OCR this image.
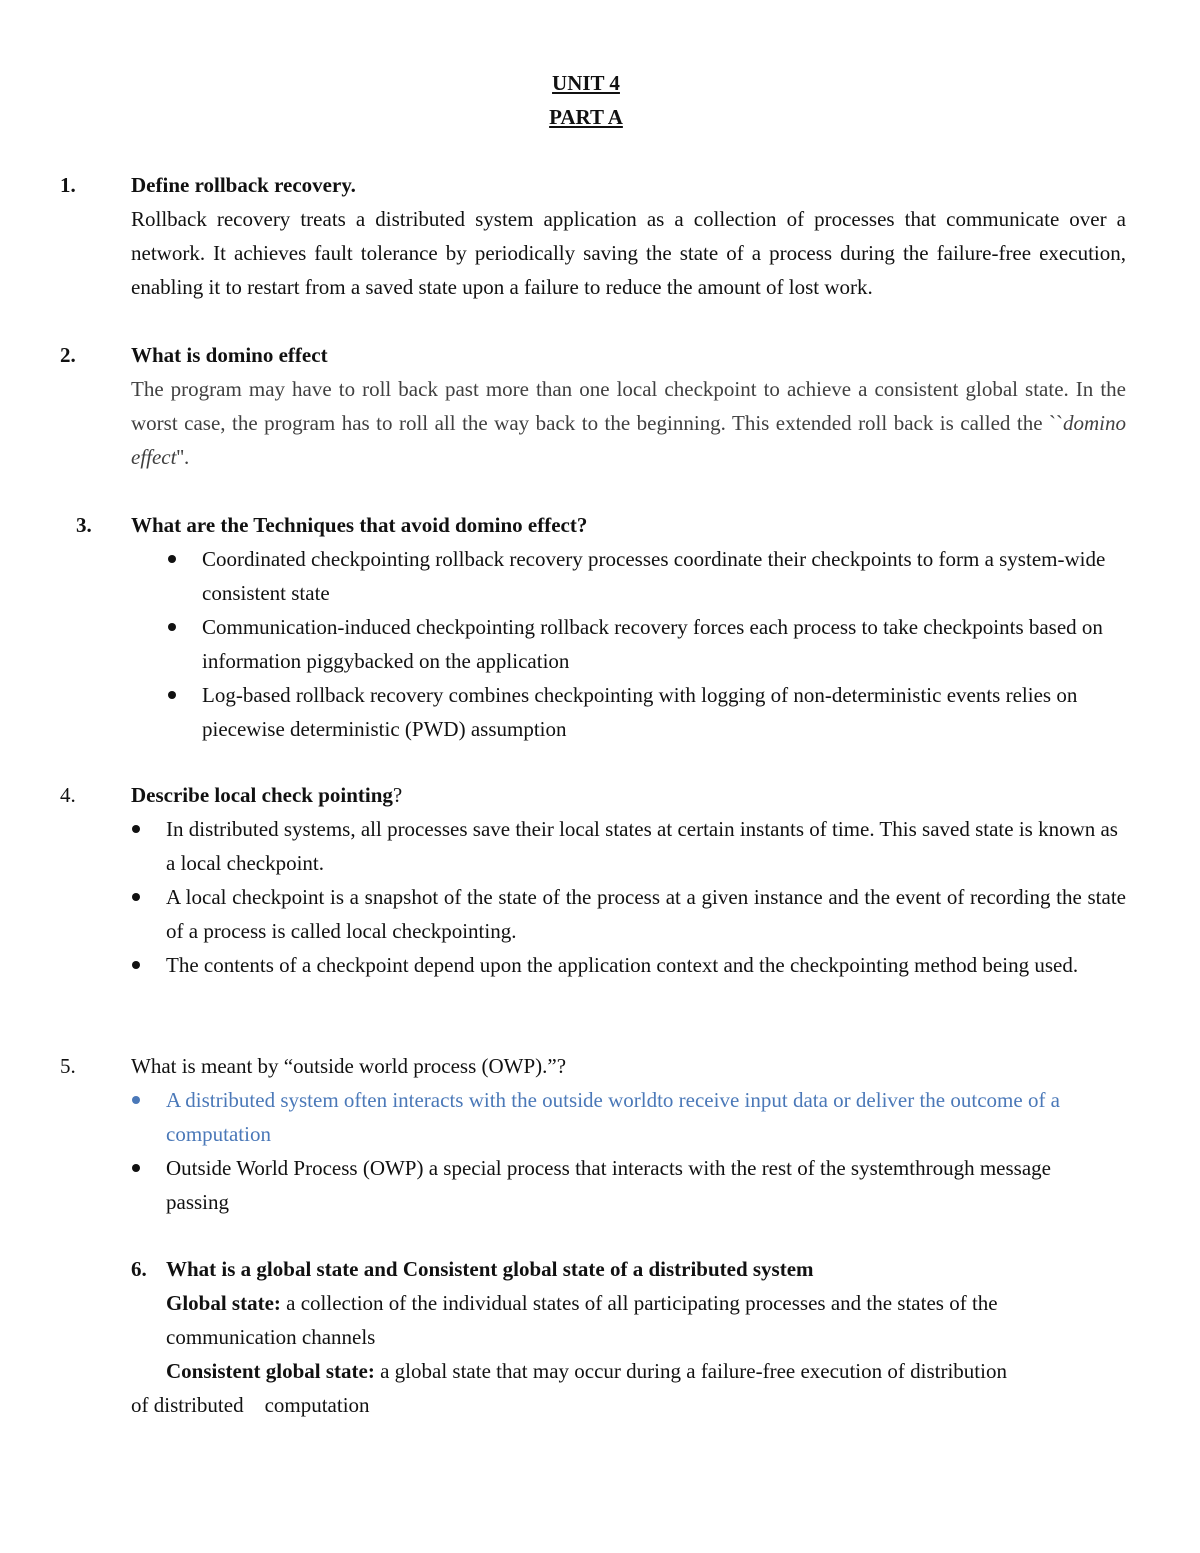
UNIT 4
PART A
1.	Define rollback recovery.
Rollback recovery treats a distributed system application as a collection of processes that communicate over a network. It achieves fault tolerance by periodically saving the state of a process during the failure-free execution, enabling it to restart from a saved state upon a failure to reduce the amount of lost work.
2.	What is domino effect
The program may have to roll back past more than one local checkpoint to achieve a consistent global state. In the worst case, the program has to roll all the way back to the beginning. This extended roll back is called the ``domino effect''.
3. What are the Techniques that avoid domino effect?
Coordinated checkpointing rollback recovery processes coordinate their checkpoints to form a system-wide consistent state
Communication-induced checkpointing rollback recovery forces each process to take checkpoints based on information piggybacked on the application
Log-based rollback recovery combines checkpointing with logging of non-deterministic events relies on piecewise deterministic (PWD) assumption
4.	Describe local check pointing?
In distributed systems, all processes save their local states at certain instants of time. This saved state is known as a local checkpoint.
A local checkpoint is a snapshot of the state of the process at a given instance and the event of recording the state of a process is called local checkpointing.
The contents of a checkpoint depend upon the application context and the checkpointing method being used.
5.	What is meant by “outside world process (OWP).”?
A distributed system often interacts with the outside worldto receive input data or deliver the outcome of a computation
Outside World Process (OWP) a special process that interacts with the rest of the systemthrough message passing
6. What is a global state and Consistent global state of a distributed system
Global state: a collection of the individual states of all participating processes and the states of the communication channels
Consistent global state: a global state that may occur during a failure-free execution of distribution
of distributed    computation
